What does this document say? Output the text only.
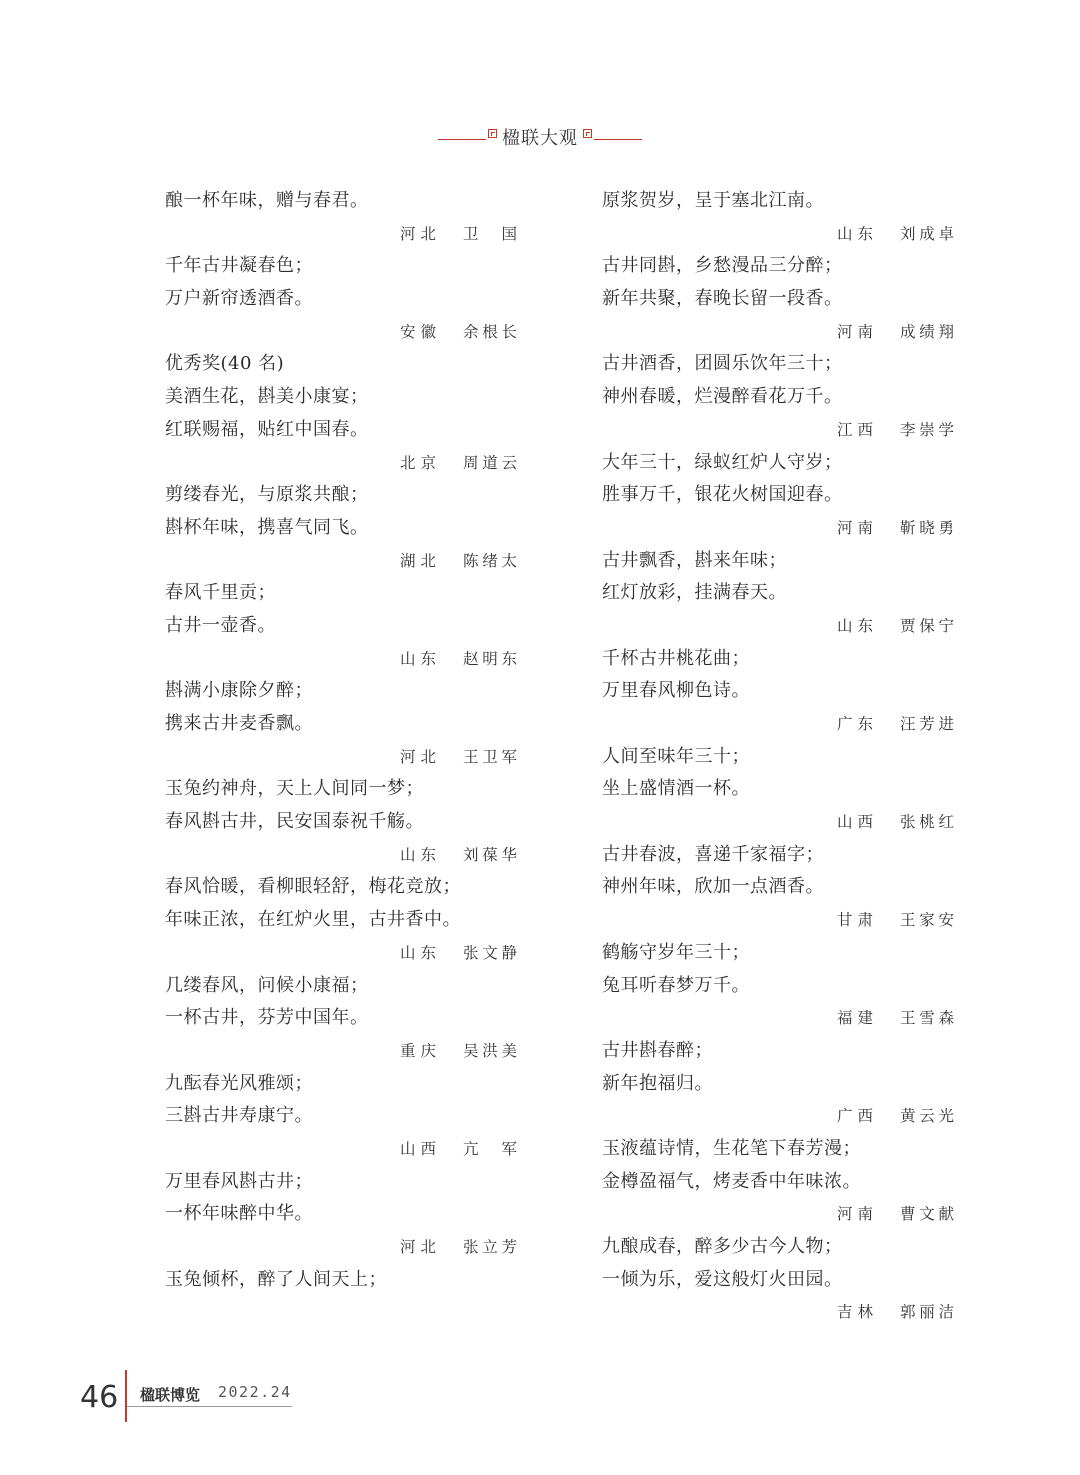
楹联大观
酿一杯年味，赠与春君。
河北 卫 国
千年古井凝春色；
万户新帘透酒香。
安徽 余根长
优秀奖(40 名)
美酒生花，斟美小康宴；
红联赐福，贴红中国春。
北京 周道云
剪缕春光，与原浆共酿；
斟杯年味，携喜气同飞。
湖北 陈绪太
春风千里贡；
古井一壶香。
山东 赵明东
斟满小康除夕醉；
携来古井麦香飘。
河北 王卫军
玉兔约神舟，天上人间同一梦；
春风斟古井，民安国泰祝千觞。
山东 刘葆华
春风恰暖，看柳眼轻舒，梅花竞放；
年味正浓，在红炉火里，古井香中。
山东 张文静
几缕春风，问候小康福；
一杯古井，芬芳中国年。
重庆 吴洪美
九酝春光风雅颂；
三斟古井寿康宁。
山西 亢 军
万里春风斟古井；
一杯年味醉中华。
河北 张立芳
玉兔倾杯，醉了人间天上；
原浆贺岁，呈于塞北江南。
山东 刘成卓
古井同斟，乡愁漫品三分醉；
新年共聚，春晚长留一段香。
河南 成绩翔
古井酒香，团圆乐饮年三十；
神州春暖，烂漫醉看花万千。
江西 李崇学
大年三十，绿蚁红炉人守岁；
胜事万千，银花火树国迎春。
河南 靳晓勇
古井飘香，斟来年味；
红灯放彩，挂满春天。
山东 贾保宁
千杯古井桃花曲；
万里春风柳色诗。
广东 汪芳进
人间至味年三十；
坐上盛情酒一杯。
山西 张桃红
古井春波，喜递千家福字；
神州年味，欣加一点酒香。
甘肃 王家安
鹤觞守岁年三十；
兔耳听春梦万千。
福建 王雪森
古井斟春醉；
新年抱福归。
广西 黄云光
玉液蕴诗情，生花笔下春芳漫；
金樽盈福气，烤麦香中年味浓。
河南 曹文献
九酿成春，醉多少古今人物；
一倾为乐，爱这般灯火田园。
吉林 郭丽洁
46 楹联博览 2022.24
